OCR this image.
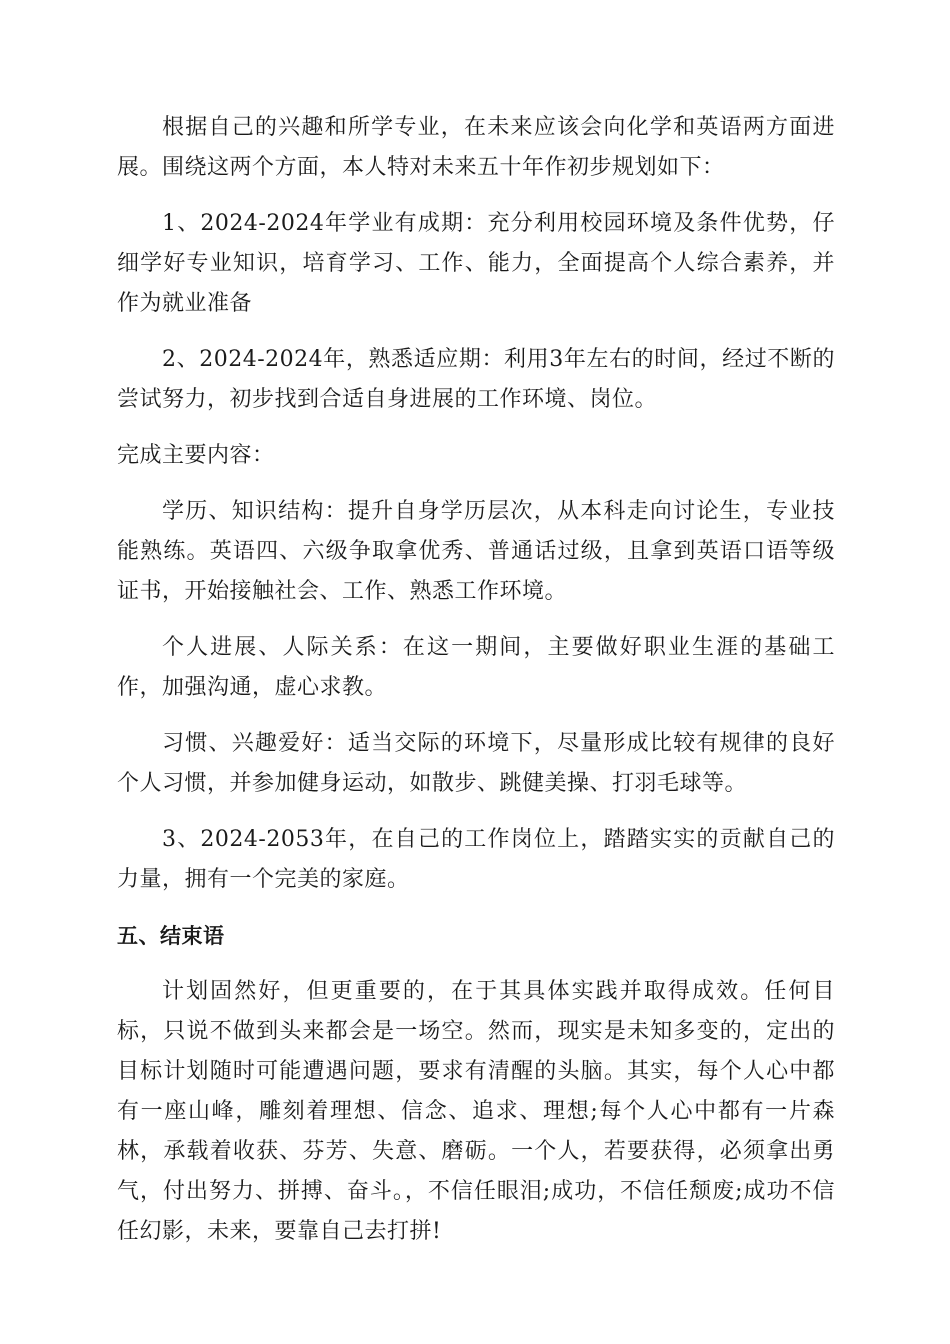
根据自己的兴趣和所学专业，在未来应该会向化学和英语两方面进展。围绕这两个方面，本人特对未来五十年作初步规划如下：

1、2024-2024年学业有成期：充分利用校园环境及条件优势，仔细学好专业知识，培育学习、工作、能力，全面提高个人综合素养，并作为就业准备

2、2024-2024年，熟悉适应期：利用3年左右的时间，经过不断的尝试努力，初步找到合适自身进展的工作环境、岗位。

完成主要内容：

学历、知识结构：提升自身学历层次，从本科走向讨论生，专业技能熟练。英语四、六级争取拿优秀、普通话过级，且拿到英语口语等级证书，开始接触社会、工作、熟悉工作环境。

个人进展、人际关系：在这一期间，主要做好职业生涯的基础工作，加强沟通，虚心求教。

习惯、兴趣爱好：适当交际的环境下，尽量形成比较有规律的良好个人习惯，并参加健身运动，如散步、跳健美操、打羽毛球等。

3、2024-2053年，在自己的工作岗位上，踏踏实实的贡献自己的力量，拥有一个完美的家庭。

五、结束语

计划固然好，但更重要的，在于其具体实践并取得成效。任何目标，只说不做到头来都会是一场空。然而，现实是未知多变的，定出的目标计划随时可能遭遇问题，要求有清醒的头脑。其实，每个人心中都有一座山峰，雕刻着理想、信念、追求、理想;每个人心中都有一片森林，承载着收获、芬芳、失意、磨砺。一个人，若要获得，必须拿出勇气，付出努力、拼搏、奋斗。，不信任眼泪;成功，不信任颓废;成功不信任幻影，未来，要靠自己去打拼!
